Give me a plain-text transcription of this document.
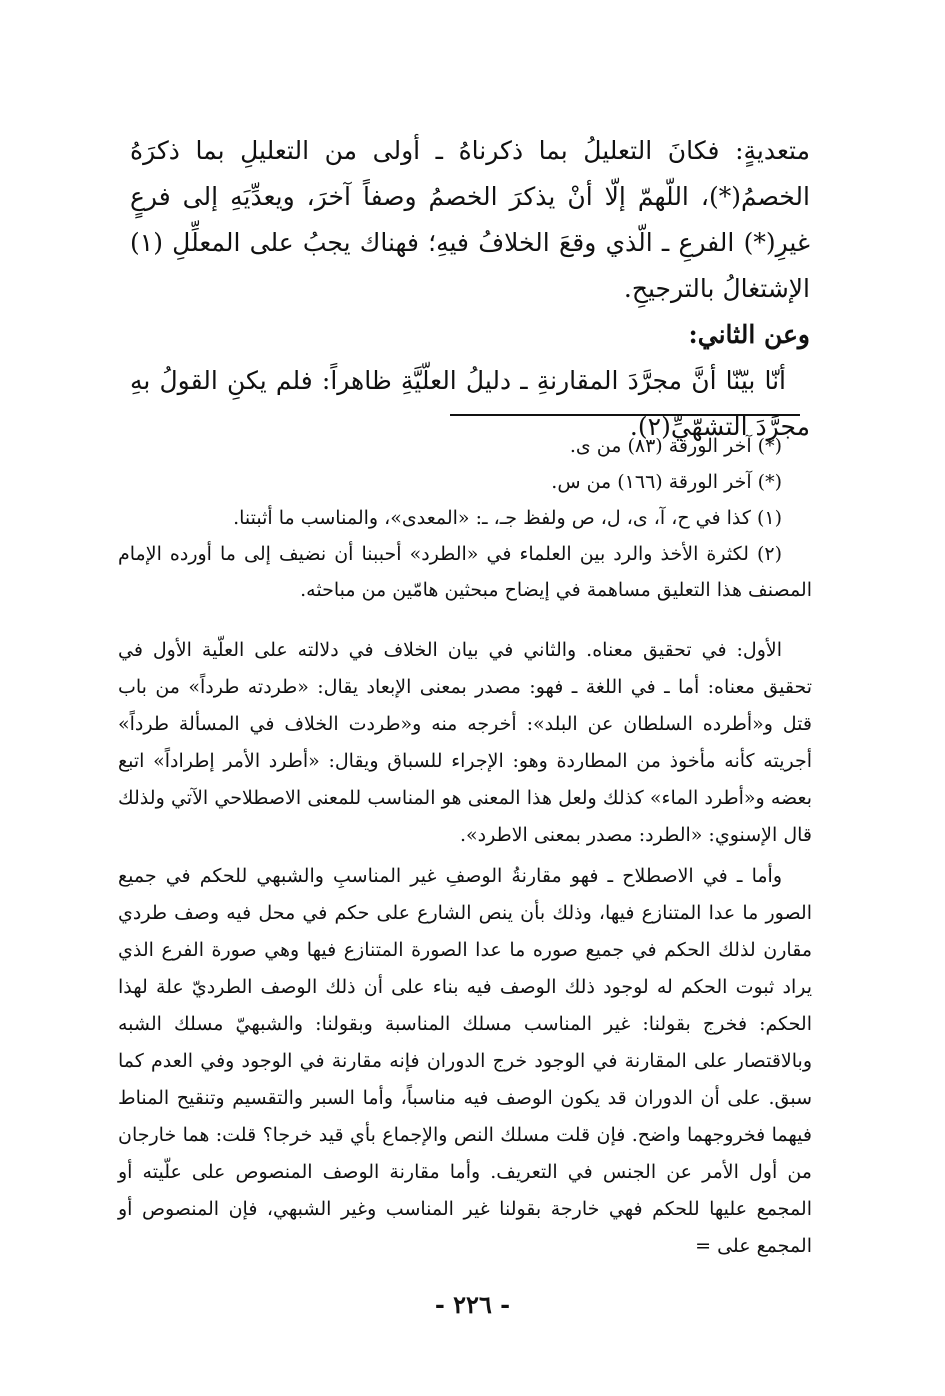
متعديةٍ: فكانَ التعليلُ بما ذكرناهُ ـ أولى من التعليلِ بما ذكرَهُ الخصمُ(*)، اللّهمّ إلّا أنْ يذكرَ الخصمُ وصفاً آخرَ، ويعدِّيَهِ إلى فرعٍ غيرِ(*) الفرعِ ـ الّذي وقعَ الخلافُ فيهِ؛ فهناك يجبُ على المعلِّلِ (١) الإشتغالُ بالترجيحِ.

وعن الثاني:

أنّا بيّنّا أنَّ مجرَّدَ المقارنةِ ـ دليلُ العلّيَّةِ ظاهراً: فلم يكنِ القولُ بهِ مجرَّدَ التشهّيِّ(٢).

(*) آخر الورقة (٨٣) من ى.

(*) آخر الورقة (١٦٦) من س.

(١) كذا في ح، آ، ى، ل، ص ولفظ جـ، ـ: «المعدى»، والمناسب ما أثبتنا.

(٢) لكثرة الأخذ والرد بين العلماء في «الطرد» أحببنا أن نضيف إلى ما أورده الإمام المصنف هذا التعليق مساهمة في إيضاح مبحثين هامّين من مباحثه.

الأول: في تحقيق معناه. والثاني في بيان الخلاف في دلالته على العلّية الأول في تحقيق معناه: أما ـ في اللغة ـ فهو: مصدر بمعنى الإبعاد يقال: «طردته طرداً» من باب قتل و«أطرده السلطان عن البلد»: أخرجه منه و«طردت الخلاف في المسألة طرداً» أجريته كأنه مأخوذ من المطاردة وهو: الإجراء للسباق ويقال: «أطرد الأمر إطراداً» اتبع بعضه و«أطرد الماء» كذلك ولعل هذا المعنى هو المناسب للمعنى الاصطلاحي الآتي ولذلك قال الإسنوي: «الطرد: مصدر بمعنى الاطرد».

وأما ـ في الاصطلاح ـ فهو مقارنةُ الوصفِ غير المناسبِ والشبهي للحكم في جميع الصور ما عدا المتنازع فيها، وذلك بأن ينص الشارع على حكم في محل فيه وصف طردي مقارن لذلك الحكم في جميع صوره ما عدا الصورة المتنازع فيها وهي صورة الفرع الذي يراد ثبوت الحكم له لوجود ذلك الوصف فيه بناء على أن ذلك الوصف الطرديّ علة لهذا الحكم: فخرج بقولنا: غير المناسب مسلك المناسبة وبقولنا: والشبهيّ مسلك الشبه وبالاقتصار على المقارنة في الوجود خرج الدوران فإنه مقارنة في الوجود وفي العدم كما سبق. على أن الدوران قد يكون الوصف فيه مناسباً، وأما السبر والتقسيم وتنقيح المناط فيهما فخروجهما واضح. فإن قلت مسلك النص والإجماع بأي قيد خرجا؟ قلت: هما خارجان من أول الأمر عن الجنس في التعريف. وأما مقارنة الوصف المنصوص على علّيته أو المجمع عليها للحكم فهي خارجة بقولنا غير المناسب وغير الشبهي، فإن المنصوص أو المجمع على =

- ٢٢٦ -
